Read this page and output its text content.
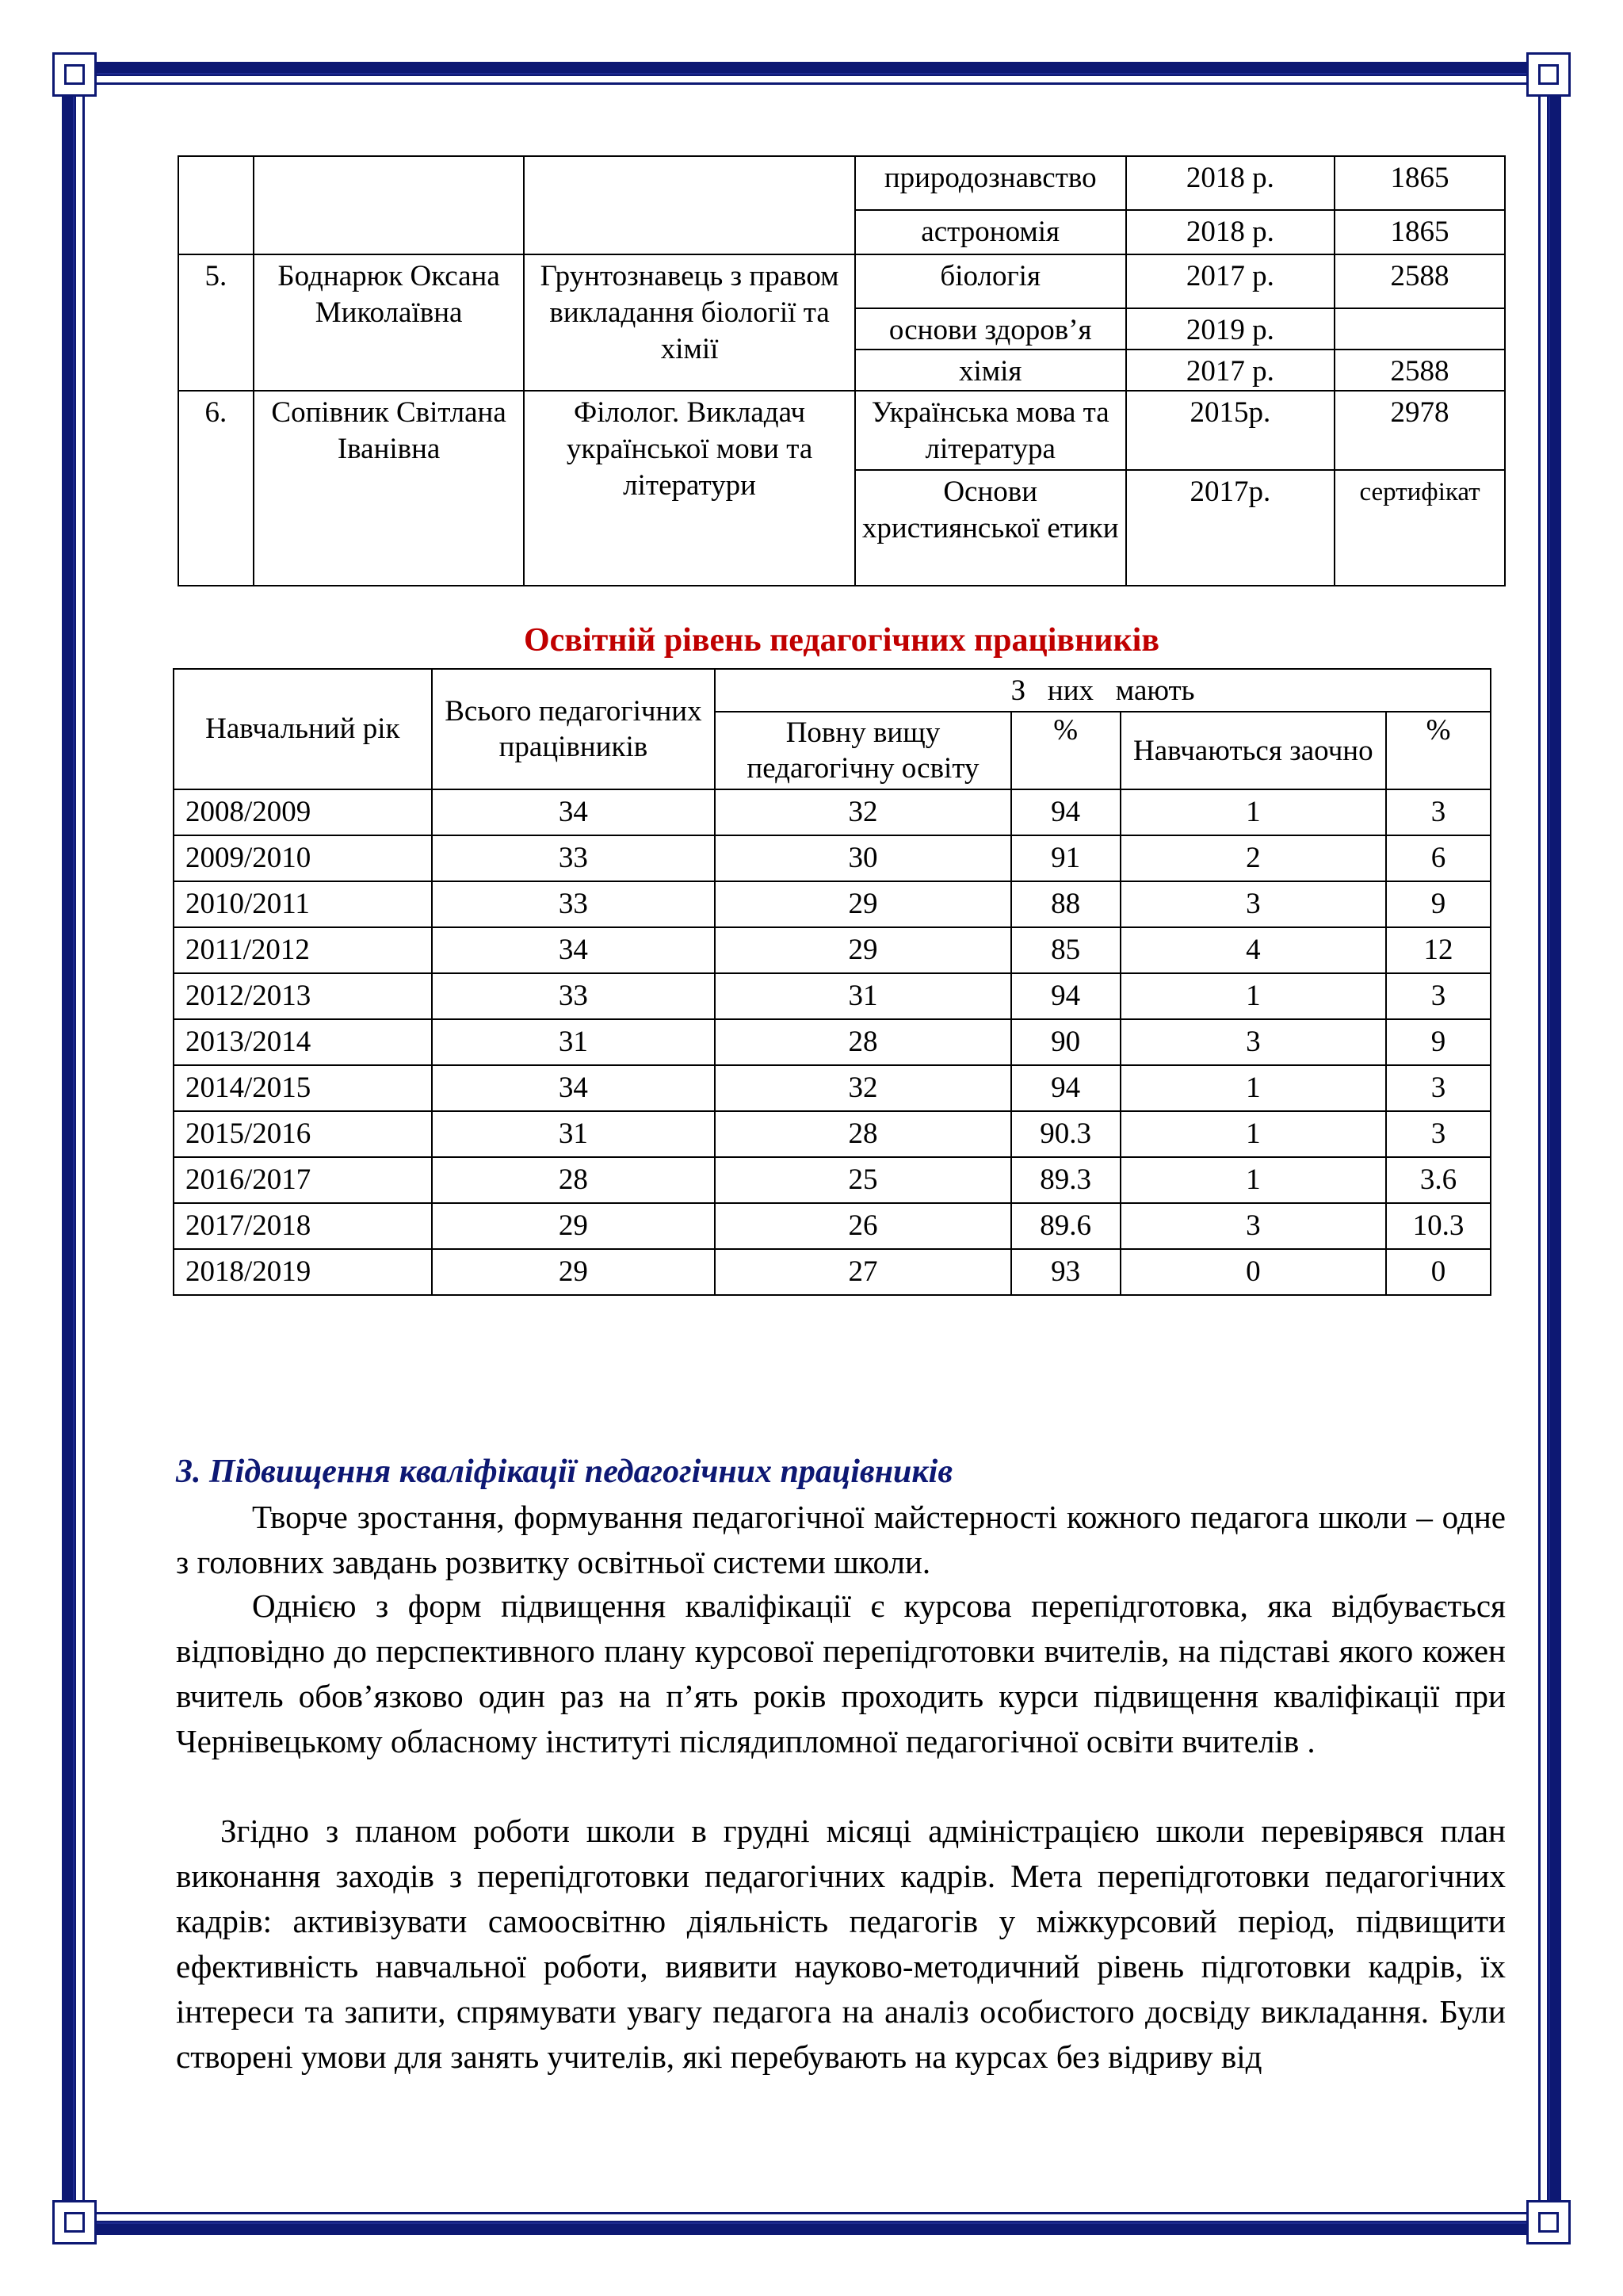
			природознавство	2018 р.	1865
			астрономія	2018 р.	1865
5.	Боднарюк Оксана Миколаївна	Грунтознавець з правом викладання біології та хімії	біологія	2017 р.	2588
			основи здоров’я	2019 р.	
			хімія	2017 р.	2588
6.	Сопівник Світлана Іванівна	Філолог. Викладач української мови та літератури	Українська мова та література	2015р.	2978
			Основи християнської етики	2017р.	сертифікат
Освітній рівень педагогічних працівників
Навчальний рік	Всього педагогічних працівників	З   них   мають			
		Повну вищу педагогічну освіту	%	Навчаються заочно	%
2008/2009	34	32	94	1	3
2009/2010	33	30	91	2	6
2010/2011	33	29	88	3	9
2011/2012	34	29	85	4	12
2012/2013	33	31	94	1	3
2013/2014	31	28	90	3	9
2014/2015	34	32	94	1	3
2015/2016	31	28	90.3	1	3
2016/2017	28	25	89.3	1	3.6
2017/2018	29	26	89.6	3	10.3
2018/2019	29	27	93	0	0
3. Підвищення кваліфікації педагогічних працівників

Творче зростання, формування педагогічної майстерності кожного педагога школи – одне з головних завдань розвитку освітньої системи школи.

Однією з форм підвищення кваліфікації є курсова перепідготовка, яка відбувається відповідно до перспективного плану курсової перепідготовки вчителів, на підставі якого кожен вчитель обов’язково один раз на п’ять років проходить курси підвищення кваліфікації при Чернівецькому обласному інституті післядипломної педагогічної освіти вчителів .

Згідно з планом роботи школи в грудні місяці адміністрацією школи перевірявся план виконання заходів з перепідготовки педагогічних кадрів. Мета перепідготовки педагогічних кадрів: активізувати самоосвітню діяльність педагогів у міжкурсовий період, підвищити ефективність навчальної роботи, виявити науково-методичний рівень підготовки кадрів, їх інтереси та запити, спрямувати увагу педагога на аналіз особистого досвіду викладання. Були створені умови для занять учителів, які перебувають на курсах без відриву від
